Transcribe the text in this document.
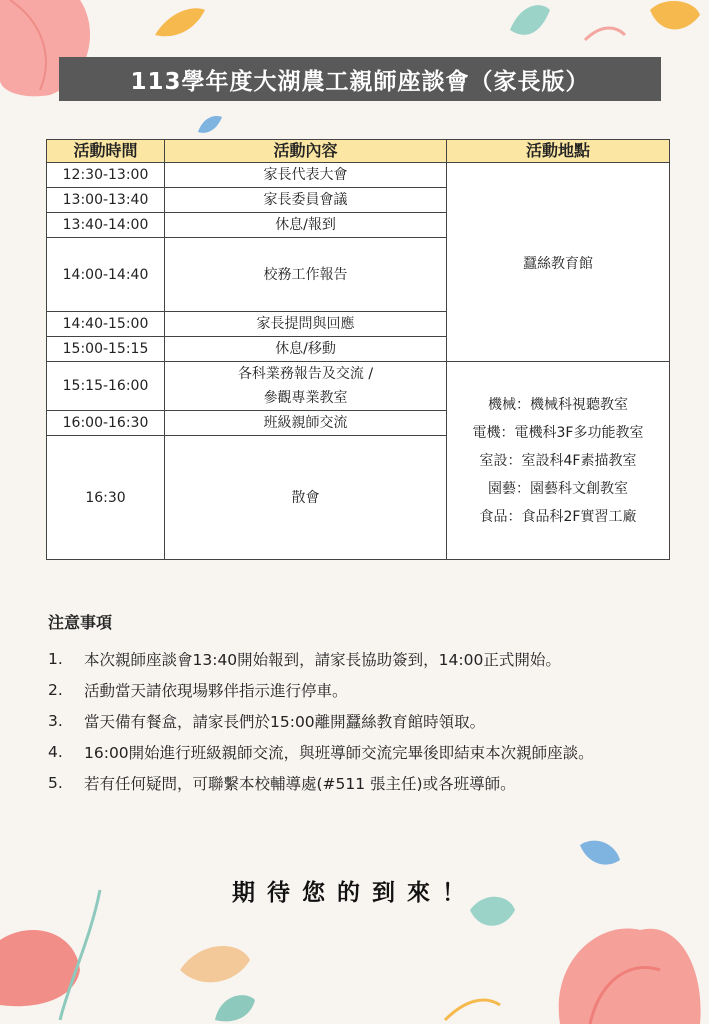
113學年度大湖農工親師座談會（家長版）
活動時間	活動內容	活動地點
12:30-13:00	家長代表大會	蠶絲教育館
13:00-13:40	家長委員會議	
13:40-14:00	休息/報到	
14:00-14:40	校務工作報告	
14:40-15:00	家長提問與回應	
15:00-15:15	休息/移動	
15:15-16:00	各科業務報告及交流 /
參觀專業教室	機械：機械科視聽教室
電機：電機科3F多功能教室
室設：室設科4F素描教室
園藝：園藝科文創教室
食品：食品科2F實習工廠

16:00-16:30	班級親師交流	
16:30	散會	
注意事項
1.	本次親師座談會13:40開始報到，請家長協助簽到，14:00正式開始。
2.	活動當天請依現場夥伴指示進行停車。
3.	當天備有餐盒，請家長們於15:00離開蠶絲教育館時領取。
4.	16:00開始進行班級親師交流，與班導師交流完畢後即結束本次親師座談。
5.	若有任何疑問，可聯繫本校輔導處(#511 張主任)或各班導師。
期待您的到來！
